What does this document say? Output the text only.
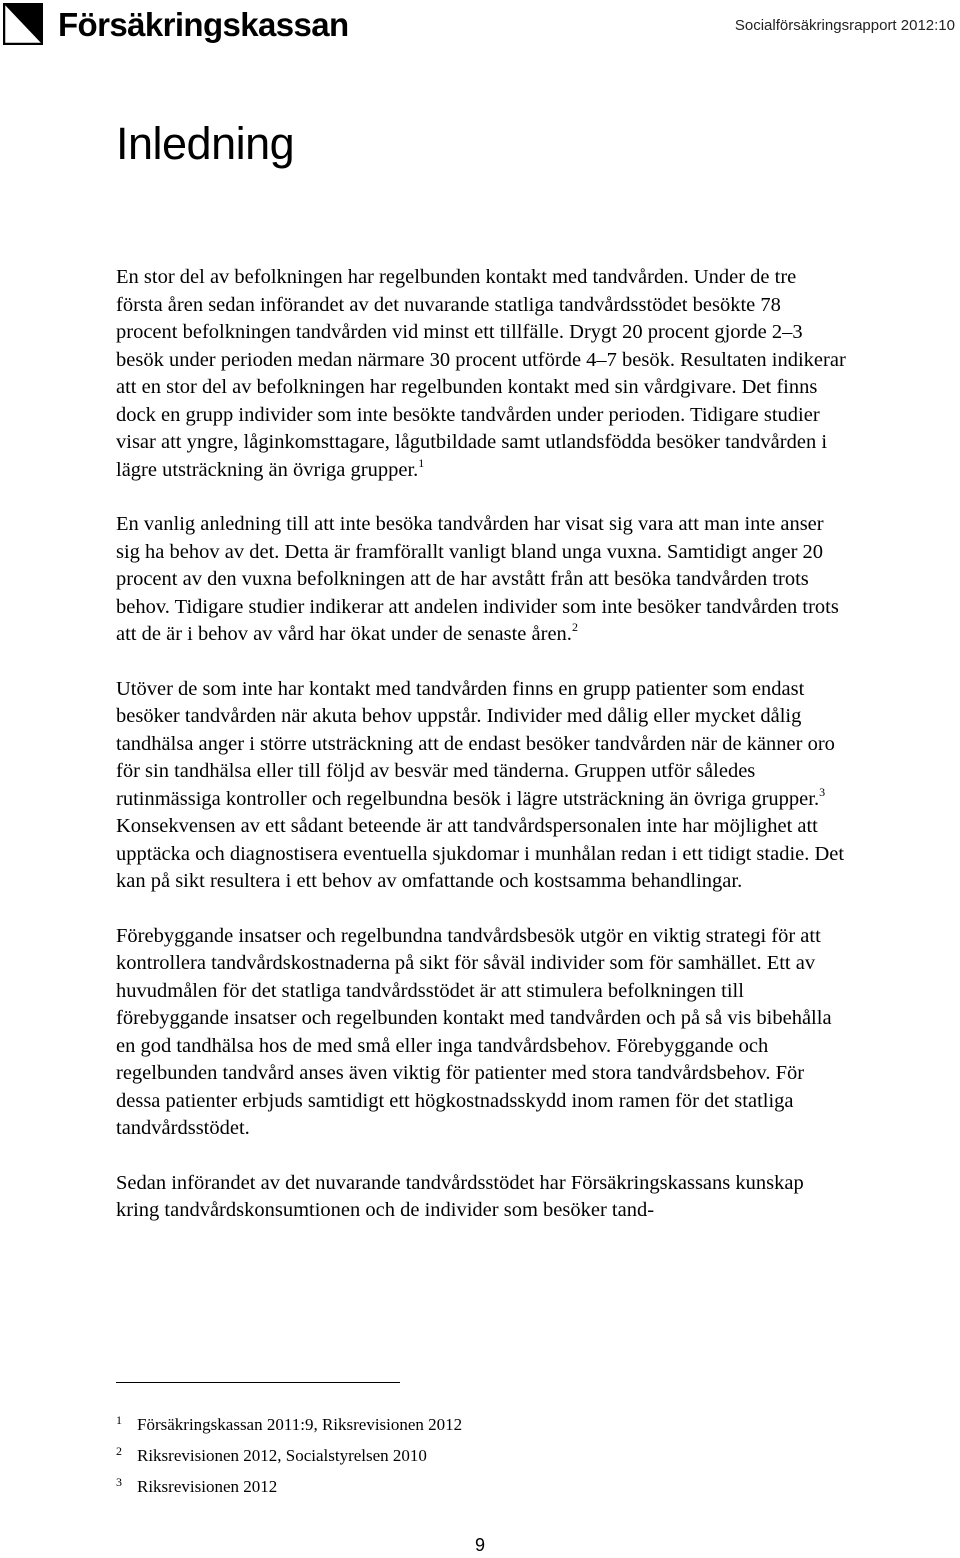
Försäkringskassan	Socialförsäkringsrapport 2012:10
Inledning

En stor del av befolkningen har regelbunden kontakt med tandvården. Under de tre första åren sedan införandet av det nuvarande statliga tandvårdsstödet besökte 78 procent befolkningen tandvården vid minst ett tillfälle. Drygt 20 procent gjorde 2–3 besök under perioden medan närmare 30 procent utförde 4–7 besök. Resultaten indikerar att en stor del av befolkningen har regelbunden kontakt med sin vårdgivare. Det finns dock en grupp individer som inte besökte tandvården under perioden. Tidigare studier visar att yngre, låginkomsttagare, lågutbildade samt utlandsfödda besöker tandvården i lägre utsträckning än övriga grupper.$^1$

En vanlig anledning till att inte besöka tandvården har visat sig vara att man inte anser sig ha behov av det. Detta är framförallt vanligt bland unga vuxna. Samtidigt anger 20 procent av den vuxna befolkningen att de har avstått från att besöka tandvården trots behov. Tidigare studier indikerar att andelen individer som inte besöker tandvården trots att de är i behov av vård har ökat under de senaste åren.$^2$

Utöver de som inte har kontakt med tandvården finns en grupp patienter som endast besöker tandvården när akuta behov uppstår. Individer med dålig eller mycket dålig tandhälsa anger i större utsträckning att de endast besöker tandvården när de känner oro för sin tandhälsa eller till följd av besvär med tänderna. Gruppen utför således rutinmässiga kontroller och regelbundna besök i lägre utsträckning än övriga grupper.$^3$ Konsekvensen av ett sådant beteende är att tandvårdspersonalen inte har möjlighet att upptäcka och diagnostisera eventuella sjukdomar i munhålan redan i ett tidigt stadie. Det kan på sikt resultera i ett behov av omfattande och kostsamma behandlingar.

Förebyggande insatser och regelbundna tandvårdsbesök utgör en viktig strategi för att kontrollera tandvårdskostnaderna på sikt för såväl individer som för samhället. Ett av huvudmålen för det statliga tandvårdsstödet är att stimulera befolkningen till förebyggande insatser och regelbunden kontakt med tandvården och på så vis bibehålla en god tandhälsa hos de med små eller inga tandvårdsbehov. Förebyggande och regelbunden tandvård anses även viktig för patienter med stora tandvårdsbehov. För dessa patienter erbjuds samtidigt ett högkostnadsskydd inom ramen för det statliga tandvårdsstödet.

Sedan införandet av det nuvarande tandvårdsstödet har Försäkringskassans kunskap kring tandvårdskonsumtionen och de individer som besöker tand-

1 Försäkringskassan 2011:9, Riksrevisionen 2012
2 Riksrevisionen 2012, Socialstyrelsen 2010
3 Riksrevisionen 2012
9
